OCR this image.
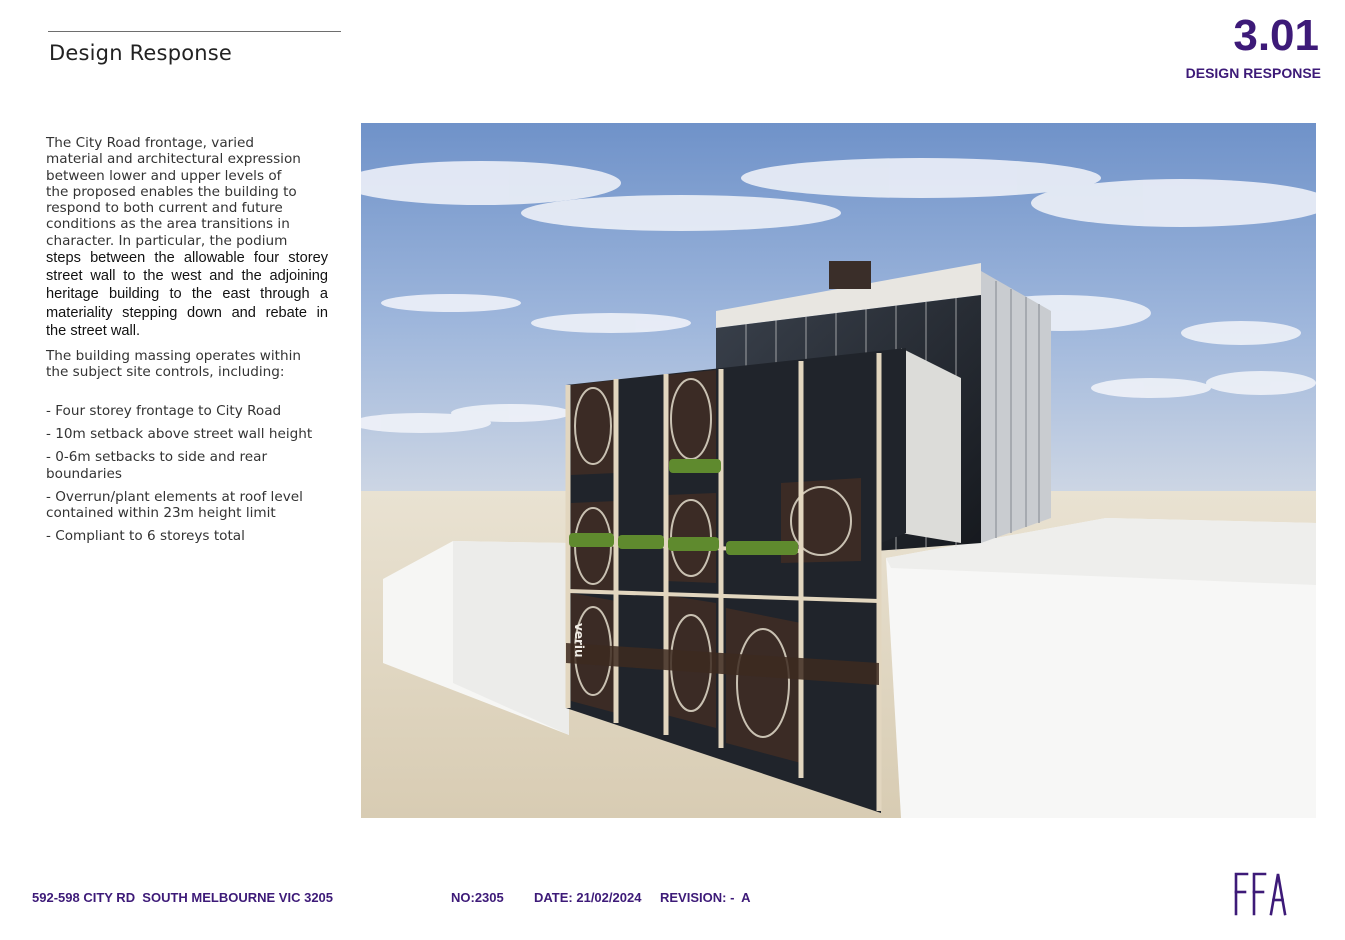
Design Response	3.01
DESIGN RESPONSE

The City Road frontage, varied
material and architectural expression
between lower and upper levels of
the proposed enables the building to
respond to both current and future
conditions as the area transitions in
character. In particular, the podium
steps between the allowable four storey
street wall to the west and the adjoining
heritage building to the east through a
materiality stepping down and rebate in
the street wall.

The building massing operates within
the subject site controls, including:

- Four storey frontage to City Road
- 10m setback above street wall height
- 0-6m setbacks to side and rear boundaries
- Overrun/plant elements at roof level contained within 23m height limit
- Compliant to 6 storeys total
veriu
592-598 CITY RD  SOUTH MELBOURNE VIC 3205	NO:2305 DATE: 21/02/2024 REVISION: -  A
